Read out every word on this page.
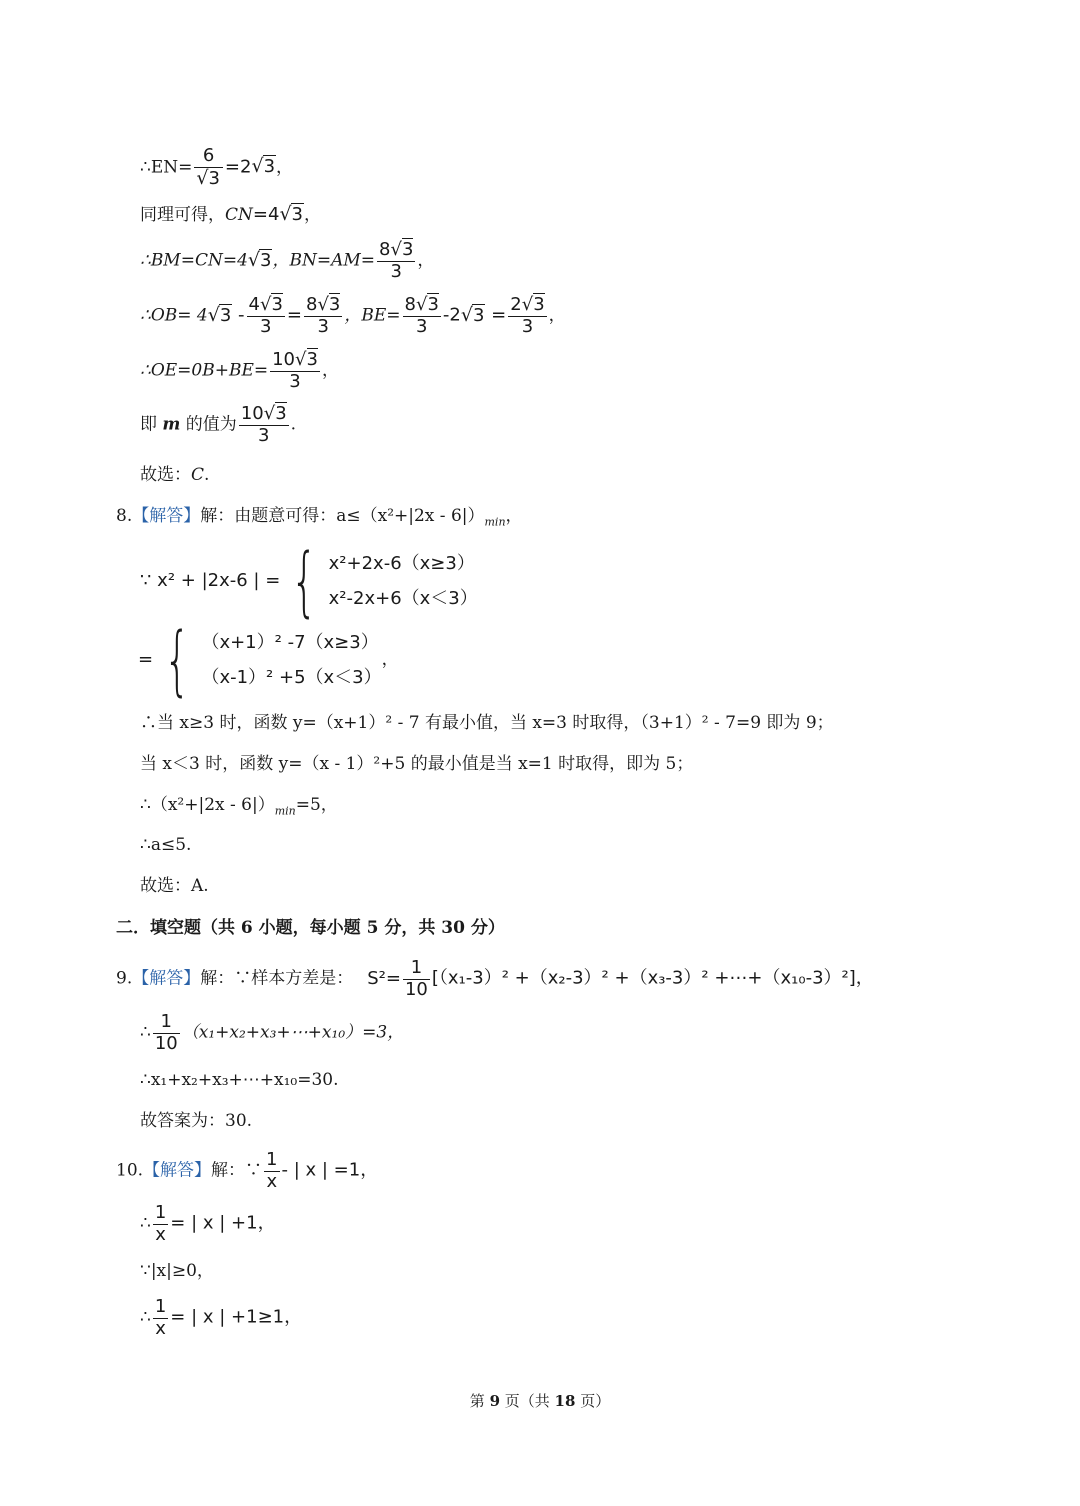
∴EN= $\frac{6}{√3} =2√3$，
同理可得，CN=4√3，
∴BM=CN=4√3，$BN=AM= \frac{8√3}{3}$ ，
∴OB= $4√3 - \frac{4√3}{3} = \frac{8√3}{3}$ ，$BE= \frac{8√3}{3} -2√3 = \frac{2√3}{3}$ ，
∴OE=0B+BE= $\frac{10√3}{3}$ ，
即 m 的值为 $\frac{10√3}{3}$ .
故选：C.
8.【解答】解：由题意可得：$a\le(x^2+|2x - 6|)_{min}$，
∵ x² + |2x-6 | = { x²+2x-6（x≥3）
x²-2x+6（x＜3）
= { （x+1）² -7（x≥3）
（x-1）² +5（x＜3）
，
∴当 x≥3 时，函数 y=（x+1）² - 7 有最小值，当 x=3 时取得，（3+1）² - 7=9 即为 9；
当 x＜3 时，函数 y=（x - 1）²+5 的最小值是当 x=1 时取得，即为 5；
∴（x²+|2x - $6|)_{min}=5$，
∴a≤5.
故选：A.
二．填空题（共 6 小题，每小题 5 分，共 30 分）
9.【解答】解：∵样本方差是： $S^2= \frac{1}{10} [(x_1-3)^2 +(x_2-3)^2 +(x_3-3)^2$ +⋯+（x₁₀-3）²]，
∴ $\frac{1}{10}$ （x₁+x₂+x₃+⋯+x₁₀）=3，
∴x₁+x₂+x₃+⋯+x₁₀=30.
故答案为：30.
10.【解答】解：∵ $\frac{1}{x}$ - | x | =1，
∴ $\frac{1}{x}$ = | x | +1，
∵|x|≥0，
∴ $\frac{1}{x}$ = | x | +1≥1，
第 9 页（共 18 页）
